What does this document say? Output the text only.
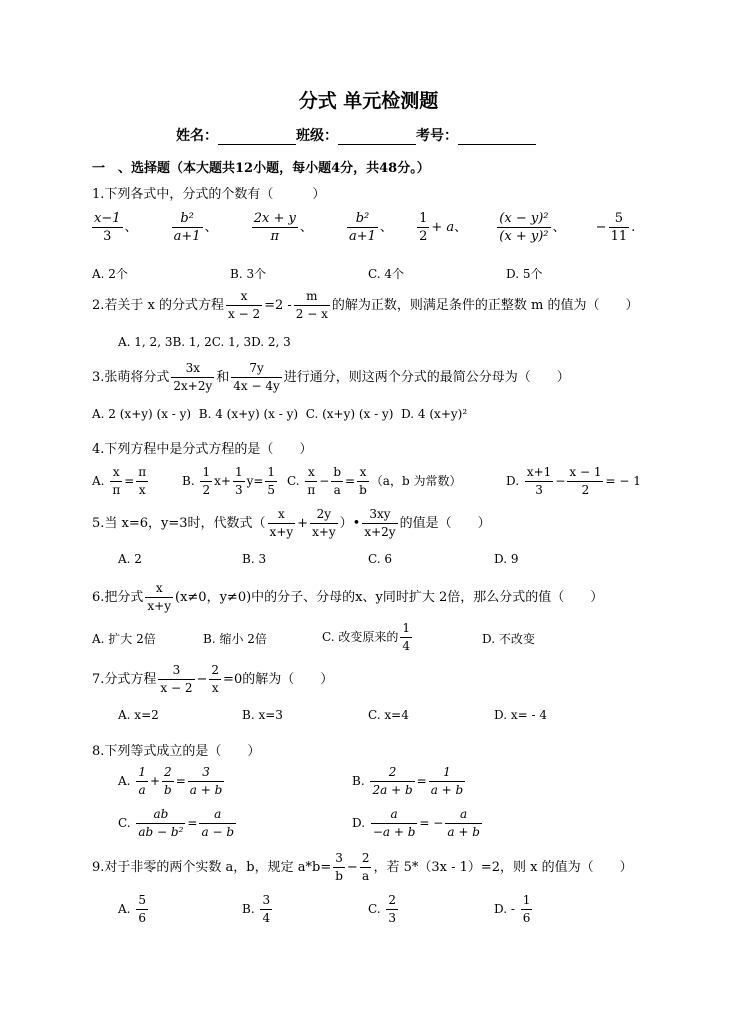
分式 单元检测题
姓名：	班级：	考号：
一　、选择题（本大题共12小题，每小题4分，共48分。）
1.下列各式中，分式的个数有（　　　）
$\frac{x-1}{3}$ 、	$\frac{\text{b²}}{a+1}$ 、	$\frac{2x + y}{\pi}$ 、	$\frac{\text{b²}}{a+1}$ 、 $\frac{1}{2} + a$、 $\frac{\text{(x − y)²}}{\text{(x + y)²}}$ 、 − $\frac{5}{11}$ .
A. 2个	B. 3个	C. 4个	D. 5个
2.若关于 x 的分式方程 $\frac{x}{x - 2} =2 - \frac{m}{2 - x}$ 的解为正数，则满足条件的正整数 m 的值为（　　）
A. 1, 2, 3B. 1, 2C. 1, 3D. 2, 3
3.张萌将分式 $\frac{3x}{2x+2y}$ 和 $\frac{7y}{4x - 4y}$ 进行通分，则这两个分式的最简公分母为（　　）
A. 2 (x+y) (x - y) B. 4 (x+y) (x - y) C. (x+y) (x - y) D. 4 (x+y)²
4.下列方程中是分式方程的是（　　）
A. $\frac{x}{\pi} = \frac{\pi}{x}$	B. $\frac{1}{2} x+ \frac{1}{3} y= \frac{1}{5} C$. $\frac{x}{\pi} - \frac{b}{a} = \frac{x}{b} (a$，b 为常数）	D. $\frac{x+1}{3} - \frac{x - 1}{2}$ = − 1
5.当 x=6，y=3时，代数式（ $\frac{x}{x+y} + \frac{2y}{x+y}$ ）• $\frac{3xy}{x+2y}$ 的值是（　　）
A. 2	B. 3	C. 6	D. 9
6.把分式 $\frac{x}{x+y} (x\ne 0$，y≠0)中的分子、分母的x、y同时扩大 2倍，那么分式的值（　　）
A. 扩大 2倍	B. 缩小 2倍	C. 改变原来的 $\frac{1}{4}$	D. 不改变
7.分式方程 $\frac{3}{x - 2} - \frac{2}{x} =0$的解为（　　）
A. x=2	B. x=3	C. x=4	D. x= - 4
8.下列等式成立的是（　　）
A. $\frac{1}{a} + \frac{2}{b} = \frac{3}{a + b}$	B. $\frac{2}{2a + b} = \frac{1}{a + b}$
C. $\frac{ab}{\text{ab − b²}} = \frac{a}{a - b}$	D. $\frac{a}{-a + b}$ = − $\frac{a}{a + b}$
9.对于非零的两个实数 a，b，规定 $a*b= \frac{3}{b} - \frac{2}{a}$ ，若 5*（3x - 1）=2，则 x 的值为（　　）
A. $\frac{5}{6}$	B. $\frac{3}{4}$	C. $\frac{2}{3}$	D. - $\frac{1}{6}$
